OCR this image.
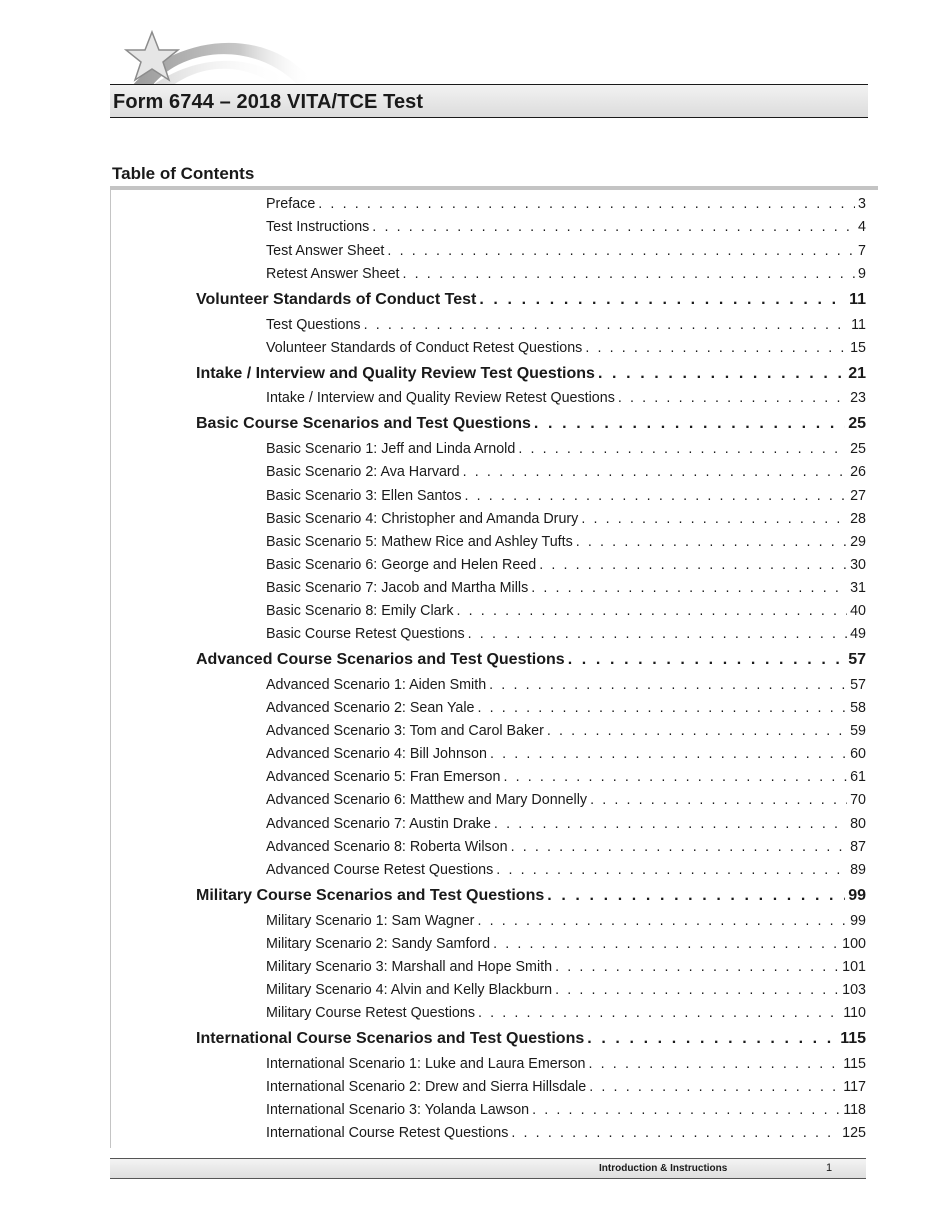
Form 6744 – 2018 VITA/TCE Test
Table of Contents
Preface . . .	3
Test Instructions . . .	4
Test Answer Sheet . . .	7
Retest Answer Sheet . . .	9
Volunteer Standards of Conduct Test . . .	11
Test Questions . . .	11
Volunteer Standards of Conduct Retest Questions . . .	15
Intake / Interview and Quality Review Test Questions . . .	21
Intake / Interview and Quality Review Retest Questions . . .	23
Basic Course Scenarios and Test Questions . . .	25
Basic Scenario 1: Jeff and Linda Arnold . . .	25
Basic Scenario 2: Ava Harvard . . .	26
Basic Scenario 3: Ellen Santos . . .	27
Basic Scenario 4: Christopher and Amanda Drury . . .	28
Basic Scenario 5: Mathew Rice and Ashley Tufts . . .	29
Basic Scenario 6: George and Helen Reed . . .	30
Basic Scenario 7: Jacob and Martha Mills . . .	31
Basic Scenario 8: Emily Clark . . .	40
Basic Course Retest Questions . . .	49
Advanced Course Scenarios and Test Questions . . .	57
Advanced Scenario 1: Aiden Smith . . .	57
Advanced Scenario 2: Sean Yale . . .	58
Advanced Scenario 3: Tom and Carol Baker . . .	59
Advanced Scenario 4: Bill Johnson . . .	60
Advanced Scenario 5: Fran Emerson . . .	61
Advanced Scenario 6: Matthew and Mary Donnelly . . .	70
Advanced Scenario 7: Austin Drake . . .	80
Advanced Scenario 8: Roberta Wilson . . .	87
Advanced Course Retest Questions . . .	89
Military Course Scenarios and Test Questions . . .	99
Military Scenario 1: Sam Wagner . . .	99
Military Scenario 2: Sandy Samford . . .	100
Military Scenario 3: Marshall and Hope Smith . . .	101
Military Scenario 4: Alvin and Kelly Blackburn . . .	103
Military Course Retest Questions . . .	110
International Course Scenarios and Test Questions . . .	115
International Scenario 1: Luke and Laura Emerson . . .	115
International Scenario 2: Drew and Sierra Hillsdale . . .	117
International Scenario 3: Yolanda Lawson . . .	118
International Course Retest Questions . . .	125

Introduction & Instructions	1
